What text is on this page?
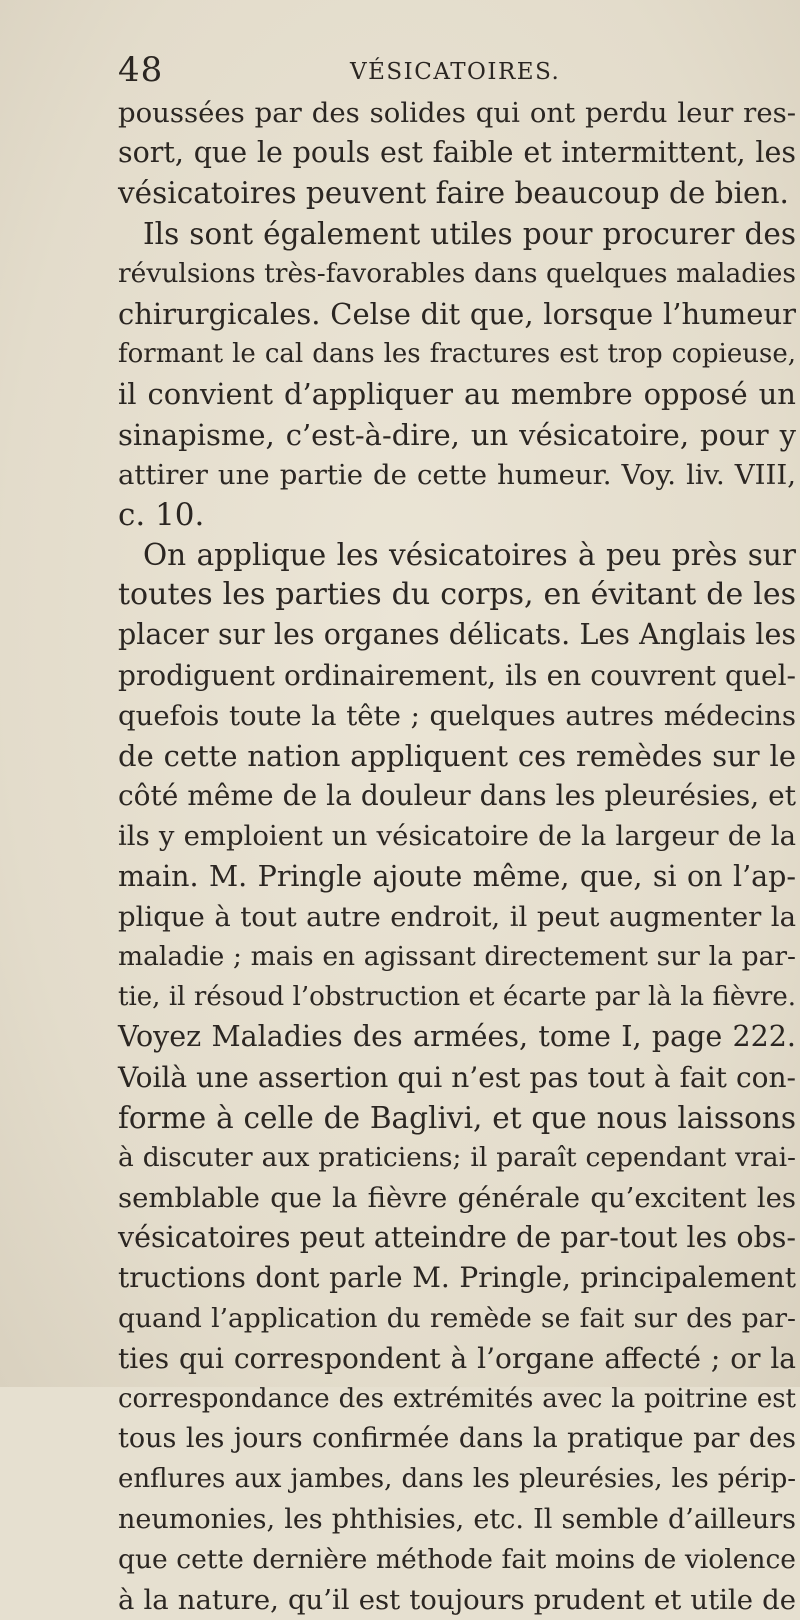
48	VÉSICATOIRES.
poussées par des solides qui ont perdu leur res-
sort, que le pouls est faible et intermittent, les
vésicatoires peuvent faire beaucoup de bien.
Ils sont également utiles pour procurer des
révulsions très-favorables dans quelques maladies
chirurgicales. Celse dit que, lorsque l’humeur
formant le cal dans les fractures est trop copieuse,
il convient d’appliquer au membre opposé un
sinapisme, c’est-à-dire, un vésicatoire, pour y
attirer une partie de cette humeur. Voy. liv. VIII,
c. 10.
On applique les vésicatoires à peu près sur
toutes les parties du corps, en évitant de les
placer sur les organes délicats. Les Anglais les
prodiguent ordinairement, ils en couvrent quel-
quefois toute la tête ; quelques autres médecins
de cette nation appliquent ces remèdes sur le
côté même de la douleur dans les pleurésies, et
ils y emploient un vésicatoire de la largeur de la
main. M. Pringle ajoute même, que, si on l’ap-
plique à tout autre endroit, il peut augmenter la
maladie ; mais en agissant directement sur la par-
tie, il résoud l’obstruction et écarte par là la fièvre.
Voyez Maladies des armées, tome I, page 222.
Voilà une assertion qui n’est pas tout à fait con-
forme à celle de Baglivi, et que nous laissons
à discuter aux praticiens; il paraît cependant vrai-
semblable que la fièvre générale qu’excitent les
vésicatoires peut atteindre de par-tout les obs-
tructions dont parle M. Pringle, principalement
quand l’application du remède se fait sur des par-
ties qui correspondent à l’organe affecté ; or la
correspondance des extrémités avec la poitrine est
tous les jours confirmée dans la pratique par des
enflures aux jambes, dans les pleurésies, les périp-
neumonies, les phthisies, etc. Il semble d’ailleurs
que cette dernière méthode fait moins de violence
à la nature, qu’il est toujours prudent et utile de
